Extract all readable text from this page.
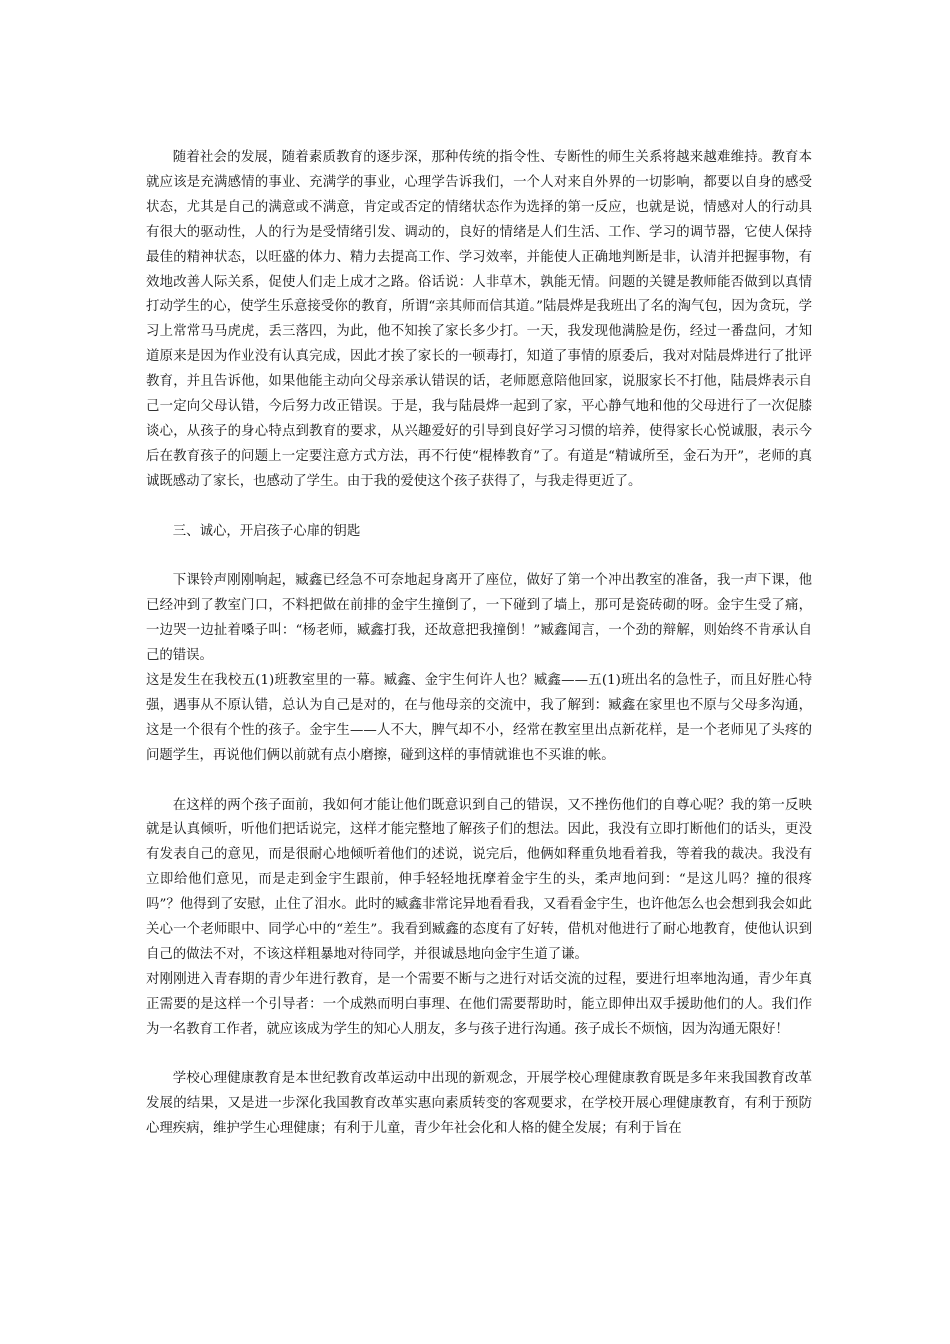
随着社会的发展，随着素质教育的逐步深，那种传统的指令性、专断性的师生关系将越来越难维持。教育本就应该是充满感情的事业、充满学的事业，心理学告诉我们，一个人对来自外界的一切影响，都要以自身的感受状态，尤其是自己的满意或不满意，肯定或否定的情绪状态作为选择的第一反应，也就是说，情感对人的行动具有很大的驱动性，人的行为是受情绪引发、调动的，良好的情绪是人们生活、工作、学习的调节器，它使人保持最佳的精神状态，以旺盛的体力、精力去提高工作、学习效率，并能使人正确地判断是非，认清并把握事物，有效地改善人际关系，促使人们走上成才之路。俗话说：人非草木，孰能无情。问题的关键是教师能否做到以真情打动学生的心，使学生乐意接受你的教育，所谓“亲其师而信其道。”陆晨烨是我班出了名的淘气包，因为贪玩，学习上常常马马虎虎，丢三落四，为此，他不知挨了家长多少打。一天，我发现他满脸是伤，经过一番盘问，才知道原来是因为作业没有认真完成，因此才挨了家长的一顿毒打，知道了事情的原委后，我对对陆晨烨进行了批评教育，并且告诉他，如果他能主动向父母亲承认错误的话，老师愿意陪他回家，说服家长不打他，陆晨烨表示自己一定向父母认错，今后努力改正错误。于是，我与陆晨烨一起到了家，平心静气地和他的父母进行了一次促膝谈心，从孩子的身心特点到教育的要求，从兴趣爱好的引导到良好学习习惯的培养，使得家长心悦诚服，表示今后在教育孩子的问题上一定要注意方式方法，再不行使“棍棒教育”了。有道是“精诚所至，金石为开”，老师的真诚既感动了家长，也感动了学生。由于我的爱使这个孩子获得了，与我走得更近了。

三、诚心，开启孩子心扉的钥匙

下课铃声刚刚响起，臧鑫已经急不可奈地起身离开了座位，做好了第一个冲出教室的准备，我一声下课，他已经冲到了教室门口，不料把做在前排的金宇生撞倒了，一下碰到了墙上，那可是瓷砖砌的呀。金宇生受了痛，一边哭一边扯着嗓子叫：“杨老师，臧鑫打我，还故意把我撞倒！”臧鑫闻言，一个劲的辩解，则始终不肯承认自己的错误。

这是发生在我校五(1)班教室里的一幕。臧鑫、金宇生何许人也？臧鑫——五(1)班出名的急性子，而且好胜心特强，遇事从不原认错，总认为自己是对的，在与他母亲的交流中，我了解到：臧鑫在家里也不原与父母多沟通，这是一个很有个性的孩子。金宇生——人不大，脾气却不小，经常在教室里出点新花样，是一个老师见了头疼的问题学生，再说他们俩以前就有点小磨擦，碰到这样的事情就谁也不买谁的帐。

在这样的两个孩子面前，我如何才能让他们既意识到自己的错误，又不挫伤他们的自尊心呢？我的第一反映就是认真倾听，听他们把话说完，这样才能完整地了解孩子们的想法。因此，我没有立即打断他们的话头，更没有发表自己的意见，而是很耐心地倾听着他们的述说，说完后，他俩如释重负地看着我，等着我的裁决。我没有立即给他们意见，而是走到金宇生跟前，伸手轻轻地抚摩着金宇生的头，柔声地问到：“是这儿吗？撞的很疼吗”？他得到了安慰，止住了泪水。此时的臧鑫非常诧异地看看我，又看看金宇生，也许他怎么也会想到我会如此关心一个老师眼中、同学心中的“差生”。我看到臧鑫的态度有了好转，借机对他进行了耐心地教育，使他认识到自己的做法不对，不该这样粗暴地对待同学，并很诚恳地向金宇生道了谦。

对刚刚进入青春期的青少年进行教育，是一个需要不断与之进行对话交流的过程，要进行坦率地沟通，青少年真正需要的是这样一个引导者：一个成熟而明白事理、在他们需要帮助时，能立即伸出双手援助他们的人。我们作为一名教育工作者，就应该成为学生的知心人朋友，多与孩子进行沟通。孩子成长不烦恼，因为沟通无限好！

学校心理健康教育是本世纪教育改革运动中出现的新观念，开展学校心理健康教育既是多年来我国教育改革发展的结果，又是进一步深化我国教育改革实惠向素质转变的客观要求，在学校开展心理健康教育，有利于预防心理疾病，维护学生心理健康；有利于儿童，青少年社会化和人格的健全发展；有利于旨在
